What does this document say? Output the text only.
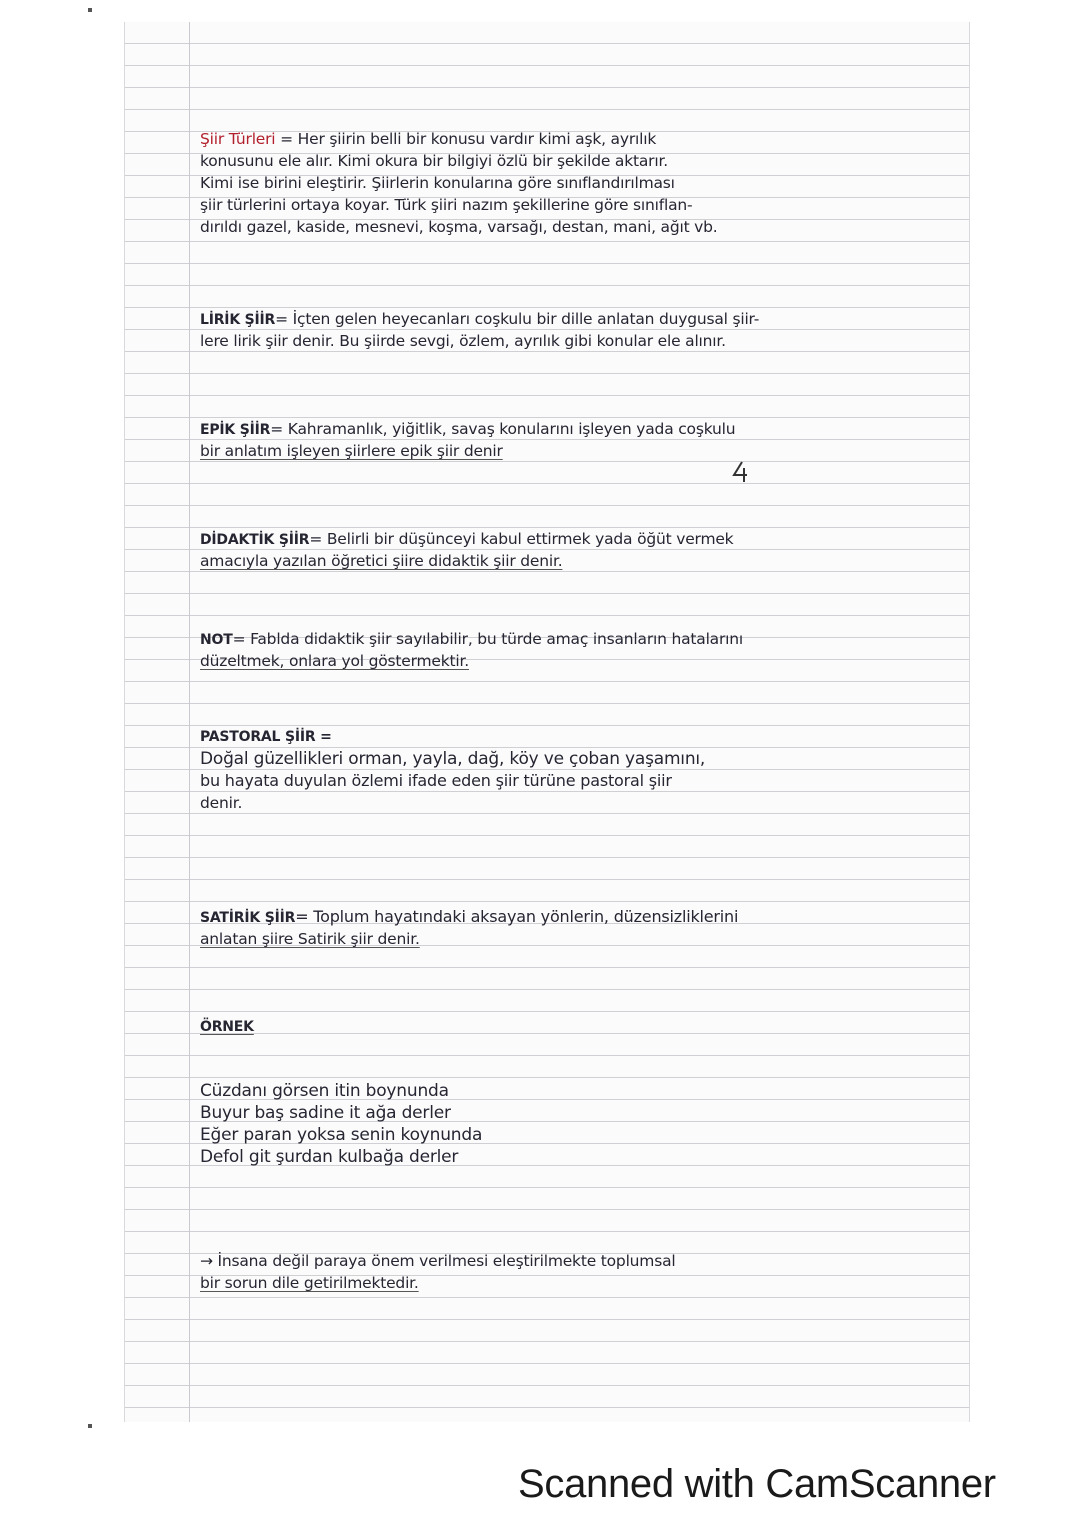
Şiir Türleri = Her şiirin belli bir konusu vardır kimi aşk, ayrılık
konusunu ele alır. Kimi okura bir bilgiyi özlü bir şekilde aktarır.
Kimi ise birini eleştirir. Şiirlerin konularına göre sınıflandırılması
şiir türlerini ortaya koyar. Türk şiiri nazım şekillerine göre sınıflan-
dırıldı gazel, kaside, mesnevi, koşma, varsağı, destan, mani, ağıt vb.
LİRİK ŞİİR= İçten gelen heyecanları coşkulu bir dille anlatan duygusal şiir-
lere lirik şiir denir. Bu şiirde sevgi, özlem, ayrılık gibi konular ele alınır.
EPİK ŞİİR= Kahramanlık, yiğitlik, savaş konularını işleyen yada coşkulu
bir anlatım işleyen şiirlere epik şiir denir
DİDAKTİK ŞİİR= Belirli bir düşünceyi kabul ettirmek yada öğüt vermek
amacıyla yazılan öğretici şiire didaktik şiir denir.
NOT= Fablda didaktik şiir sayılabilir, bu türde amaç insanların hatalarını
düzeltmek, onlara yol göstermektir.
PASTORAL ŞİİR =
Doğal güzellikleri orman, yayla, dağ, köy ve çoban yaşamını,
bu hayata duyulan özlemi ifade eden şiir türüne pastoral şiir
denir.
SATİRİK ŞİİR= Toplum hayatındaki aksayan yönlerin, düzensizliklerini
anlatan şiire Satirik şiir denir.
ÖRNEK
Cüzdanı görsen itin boynunda
Buyur baş sadine it ağa derler
Eğer paran yoksa senin koynunda
Defol git şurdan kulbağa derler
→ İnsana değil paraya önem verilmesi eleştirilmekte toplumsal
bir sorun dile getirilmektedir.
Scanned with CamScanner
